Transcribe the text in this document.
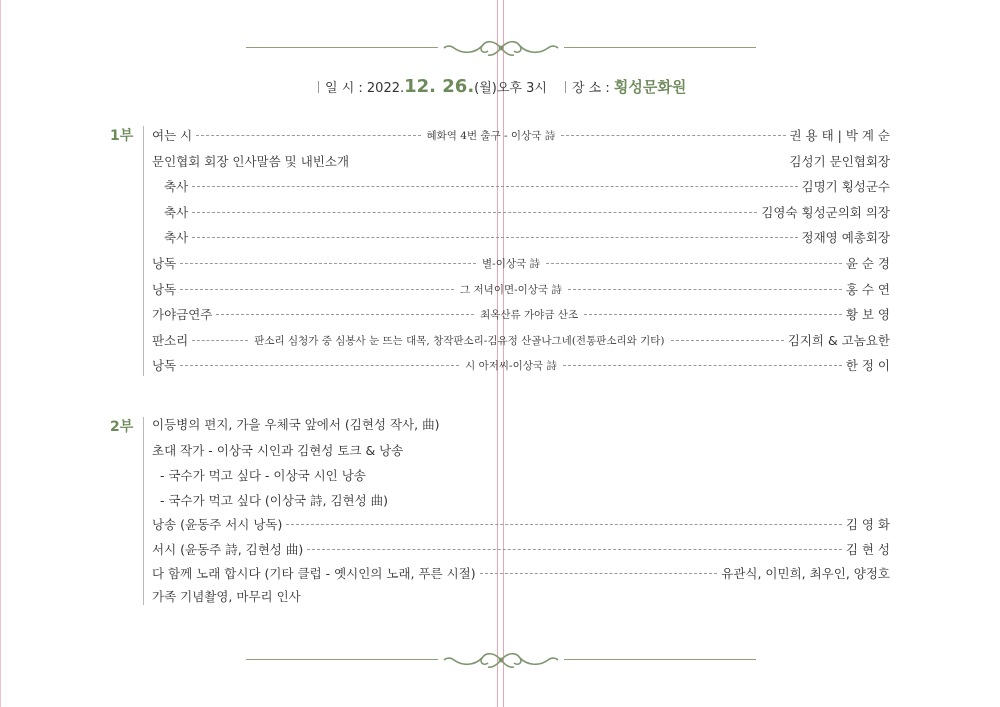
일 시 :
2022. 12. 26. (월) 오후 3시 장 소 :
횡성문화원
1부 여는 시	혜화역 4번 출구 - 이상국 詩	권 용 태 | 박 계 순
문인협회 회장 인사말씀 및 내빈소개	김성기 문인협회장
축사	김명기 횡성군수
축사	김영숙 횡성군의회 의장
축사	정재영 예총회장
낭독	별-이상국 詩	윤 순 경
낭독	그 저녁이면-이상국 詩	홍 수 연
가야금연주	최옥산류 가야금 산조	황 보 영
판소리	판소리 심청가 중 심봉사 눈 뜨는 대목, 창작판소리-김유정 산골나그네(전통판소리와 기타)	김지희 & 고놈요한
낭독	시 아저씨-이상국 詩	한 정 이
2부 이등병의 편지, 가을 우체국 앞에서 (김현성 작사, 曲)
초대 작가 - 이상국 시인과 김현성 토크 & 낭송
- 국수가 먹고 싶다 - 이상국 시인 낭송
- 국수가 먹고 싶다 (이상국 詩, 김현성 曲)
낭송 (윤동주 서시 낭독)	김 영 화
서시 (윤동주 詩, 김현성 曲)	김 현 성
다 함께 노래 합시다 (기타 클럽 - 옛시인의 노래, 푸른 시절)	유관식, 이민희, 최우인, 양정호
가족 기념촬영, 마무리 인사
